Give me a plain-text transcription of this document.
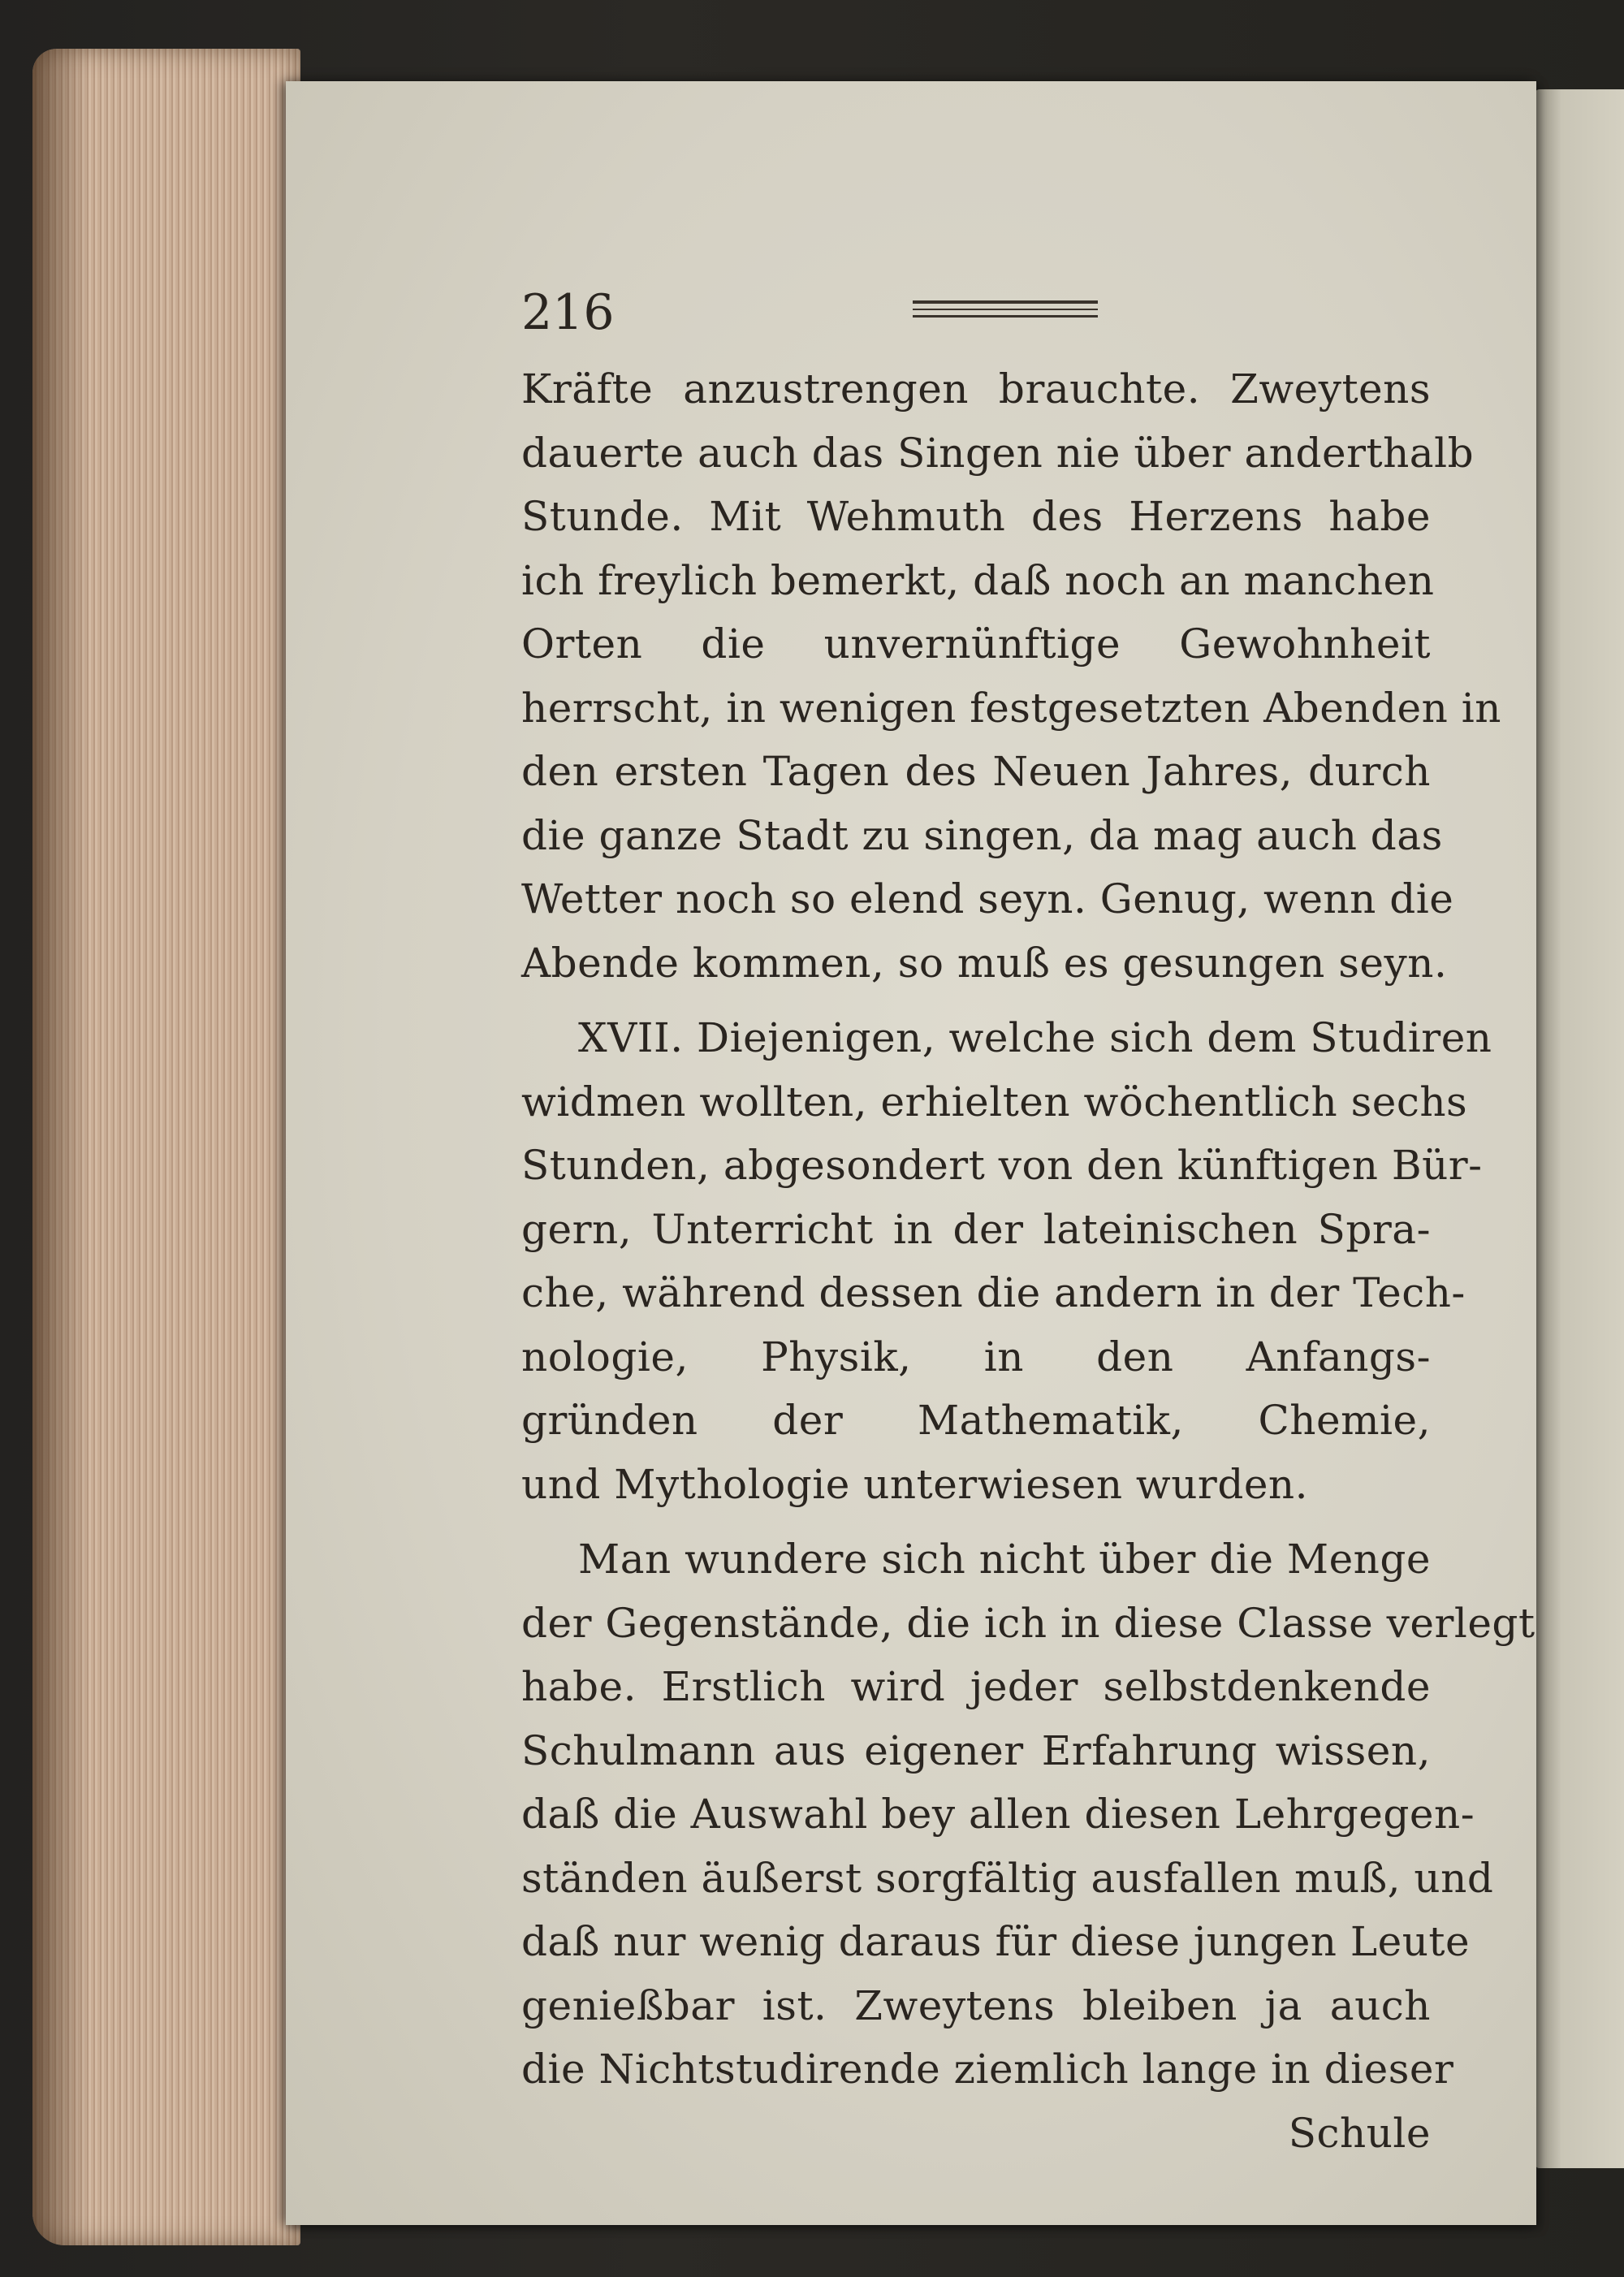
216
Kräfte anzustrengen brauchte. Zweytens
dauerte auch das Singen nie über anderthalb
Stunde. Mit Wehmuth des Herzens habe
ich freylich bemerkt, daß noch an manchen
Orten die unvernünftige Gewohnheit
herrscht, in wenigen festgesetzten Abenden in
den ersten Tagen des Neuen Jahres, durch
die ganze Stadt zu singen, da mag auch das
Wetter noch so elend seyn. Genug, wenn die
Abende kommen, so muß es gesungen seyn.
XVII. Diejenigen, welche sich dem Studiren
widmen wollten, erhielten wöchentlich sechs
Stunden, abgesondert von den künftigen Bür-
gern, Unterricht in der lateinischen Spra-
che, während dessen die andern in der Tech-
nologie, Physik, in den Anfangs-
gründen der Mathematik, Chemie,
und Mythologie unterwiesen wurden.
Man wundere sich nicht über die Menge
der Gegenstände, die ich in diese Classe verlegt
habe. Erstlich wird jeder selbstdenkende
Schulmann aus eigener Erfahrung wissen,
daß die Auswahl bey allen diesen Lehrgegen-
ständen äußerst sorgfältig ausfallen muß, und
daß nur wenig daraus für diese jungen Leute
genießbar ist. Zweytens bleiben ja auch
die Nichtstudirende ziemlich lange in dieser
Schule
